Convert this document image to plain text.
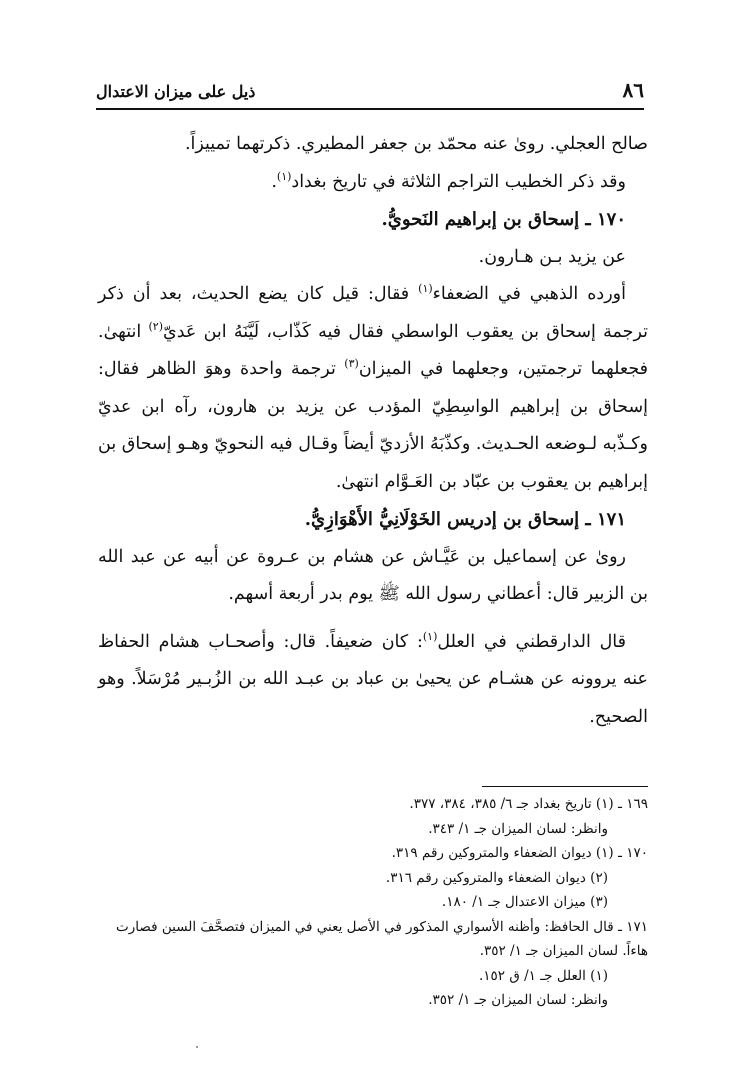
ذيل على ميزان الاعتدال	٨٦

صالح العجلي. روىٰ عنه محمّد بن جعفر المطيري. ذكرتهما تمييزاً.

وقد ذكر الخطيب التراجم الثلاثة في تاريخ بغداد$^{(١)}$.

١٧٠ ـ إسحاق بن إبراهيم النَحويُّ.

عن يزيد بـن هـارون.

أورده الذهبي في الضعفاء$^{(١)}$ فقال: قيل كان يضع الحديث، بعد أن ذكر ترجمة إسحاق بن يعقوب الواسطي فقال فيه كَذّاب، لَيَّنَهُ ابن عَديّ$^{(٢)}$ انتهىٰ. فجعلهما ترجمتين، وجعلهما في الميزان$^{(٣)}$ ترجمة واحدة وهوَ الظاهر فقال: إسحاق بن إبراهيم الواسِطِيّ المؤدب عن يزيد بن هارون، رآه ابن عديّ وكـذّبه لـوضعه الحـديث. وكذّبَهُ الأزديّ أيضاً وقـال فيه النحويّ وهـو إسحاق بن إبراهيم بن يعقوب بن عبّاد بن العَـوَّام انتهىٰ.

١٧١ ـ إسحاق بن إدريس الخَوْلَانِيُّ الأَهْوَازِيُّ.

روىٰ عن إسماعيل بن عَيَّـاش عن هشام بن عـروة عن أبيه عن عبد الله بن الزبير قال: أعطاني رسول الله ﷺ يوم بدر أربعة أسهم.

قال الدارقطني في العلل$^{(١)}$: كان ضعيفاً. قال: وأصحـاب هشام الحفاظ عنه يروونه عن هشـام عن يحيىٰ بن عباد بن عبـد الله بن الزُبـير مُرْسَلاً. وهو الصحيح.

١٦٩ ـ (١) تاريخ بغداد جـ ٦/ ٣٨٥، ٣٨٤، ٣٧٧.

وانظر: لسان الميزان جـ ١/ ٣٤٣.

١٧٠ ـ (١) ديوان الضعفاء والمتروكين رقم ٣١٩.

(٢) ديوان الضعفاء والمتروكين رقم ٣١٦.

(٣) ميزان الاعتدال جـ ١/ ١٨٠.

١٧١ ـ قال الحافظ: وأظنه الأسواري المذكور في الأصل يعني في الميزان فتصحَّفَ السين فصارت هاءاً. لسان الميزان جـ ١/ ٣٥٢.

(١) العلل جـ ١/ ق ١٥٢.

وانظر: لسان الميزان جـ ١/ ٣٥٢.
